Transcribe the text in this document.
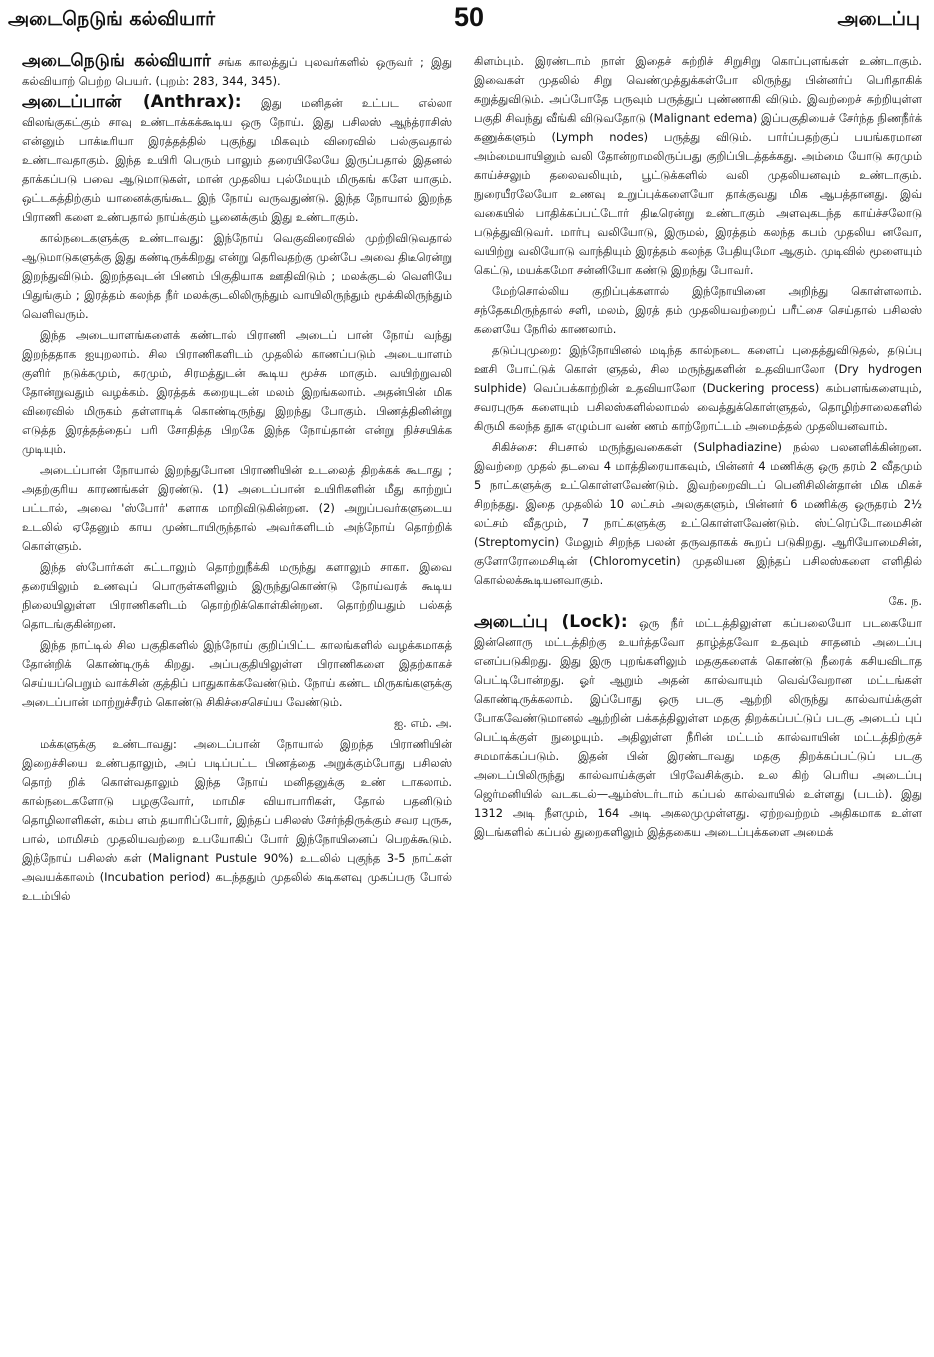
அடைநெடுங் கல்வியார்	50	அடைப்பு

அடைநெடுங் கல்வியார் சங்க காலத்துப் புலவர்களில் ஒருவர் ; இது கல்வியாற் பெற்ற பெயர். (புறம்: 283, 344, 345).

அடைப்பான் (Anthrax): இது மனிதன் உட்பட எல்லா விலங்குகட்கும் சாவு உண்டாக்கக்கூடிய ஒரு நோய். இது பசிலஸ் ஆந்த்ராசிஸ் என்னும் பாக்டீரியா இரத்தத்தில் புகுந்து மிகவும் விரைவில் பல்குவதால் உண்டாவதாகும். இந்த உயிரி பெரும் பாலும் தரையிலேயே இருப்பதால் இதனல் தாக்கப்படு பவை ஆடுமாடுகள், மான் முதலிய புல்மேயும் மிருகங் களே யாகும். ஒட்டகத்திற்கும் யானைக்குங்கூட இந் நோய் வருவதுண்டு. இந்த நோயால் இறந்த பிராணி களை உண்பதால் நாய்க்கும் பூனைக்கும் இது உண்டாகும்.

கால்நடைகளுக்கு உண்டாவது: இந்நோய் வெகுவிரைவில் முற்றிவிடுவதால் ஆடுமாடுகளுக்கு இது கண்டிருக்கிறது என்று தெரிவதற்கு முன்பே அவை திடீரென்று இறந்துவிடும். இறந்தவுடன் பிணம் பிகுதியாக ஊதிவிடும் ; மலக்குடல் வெளியே பிதுங்கும் ; இரத்தம் கலந்த நீர் மலக்குடலிலிருந்தும் வாயிலிருந்தும் மூக்கிலிருந்தும் வெளிவரும்.

இந்த அடையாளங்களைக் கண்டால் பிராணி அடைப் பான் நோய் வந்து இறந்ததாக ஐயுறலாம். சில பிராணிகளிடம் முதலில் காணப்படும் அடையாளம் குளிர் நடுக்கமும், சுரமும், சிரமத்துடன் கூடிய மூச்சு மாகும். வயிற்றுவலி தோன்றுவதும் வழக்கம். இரத்தக் கறையுடன் மலம் இறங்கலாம். அதன்பின் மிக விரைவில் மிருகம் தள்ளாடிக் கொண்டிருந்து இறந்து போகும். பிணத்தினின்று எடுத்த இரத்தத்தைப் பரி சோதித்த பிறகே இந்த நோய்தான் என்று நிச்சயிக்க முடியும்.

அடைப்பான் நோயால் இறந்துபோன பிராணியின் உடலைத் திறக்கக் கூடாது ; அதற்குரிய காரணங்கள் இரண்டு. (1) அடைப்பான் உயிரிகளின் மீது காற்றுப் பட்டால், அவை 'ஸ்போர்' களாக மாறிவிடுகின்றன. (2) அறுப்பவர்களுடைய உடலில் ஏதேனும் காய முண்டாயிருந்தால் அவர்களிடம் அந்நோய் தொற்றிக் கொள்ளும்.

இந்த ஸ்போர்கள் சுட்டாலும் தொற்றுநீக்கி மருந்து களாலும் சாகா. இவை தரையிலும் உணவுப் பொருள்களிலும் இருந்துகொண்டு நோய்வரக் கூடிய நிலையிலுள்ள பிராணிகளிடம் தொற்றிக்கொள்கின்றன. தொற்றியதும் பல்கத் தொடங்குகின்றன.

இந்த நாட்டில் சில பகுதிகளில் இந்நோய் குறிப்பிட்ட காலங்களில் வழக்கமாகத் தோன்றிக் கொண்டிருக் கிறது. அப்பகுதியிலுள்ள பிராணிகளை இதற்காகச் செய்யப்பெறும் வாக்சின் குத்திப் பாதுகாக்கவேண்டும். நோய் கண்ட மிருகங்களுக்கு அடைப்பான் மாற்றுச்சீரம் கொண்டு சிகிச்சைசெய்ய வேண்டும்.

ஐ. எம். அ.

மக்களுக்கு உண்டாவது: அடைப்பான் நோயால் இறந்த பிராணியின் இறைச்சியை உண்பதாலும், அப் படிப்பட்ட பிணத்தை அறுக்கும்போது பசிலஸ் தொற் றிக் கொள்வதாலும் இந்த நோய் மனிதனுக்கு உண் டாகலாம். கால்நடைகளோடு பழகுவோர், மாமிச வியாபாரிகள், தோல் பதனிடும் தொழிலாளிகள், கம்ப ளம் தயாரிப்போர், இந்தப் பசிலஸ் சேர்ந்திருக்கும் சவர புருசு, பால், மாமிசம் முதலியவற்றை உபயோகிப் போர் இந்நோயினைப் பெறக்கூடும். இந்நோய் பசிலஸ் கள் (Malignant Pustule 90%) உடலில் புகுந்த 3-5 நாட்கள் அவயக்காலம் (Incubation period) கடந்ததும் முதலில் கடிகளவு முகப்பரு போல் உடம்பில்

கிளம்பும். இரண்டாம் நாள் இதைச் சுற்றிச் சிறுசிறு கொப்புளங்கள் உண்டாகும். இவைகள் முதலில் சிறு வெண்முத்துக்கள்போ லிருந்து பின்னர்ப் பெரிதாகிக் கறுத்துவிடும். அப்போதே பருவும் பருத்துப் புண்ணாகி விடும். இவற்றைச் சுற்றியுள்ள பகுதி சிவந்து வீங்கி விடுவதோடு (Malignant edema) இப்பகுதியைச் சேர்ந்த நிணநீர்க் கணுக்களும் (Lymph nodes) பருத்து விடும். பார்ப்பதற்குப் பயங்கரமான அம்மையாயினும் வலி தோன்றாமலிருப்பது குறிப்பிடத்தக்கது. அம்மை யோடு சுரமும் காய்ச்சலும் தலைவலியும், பூட்டுக்களில் வலி முதலியனவும் உண்டாகும். நுரையீரலேயோ உணவு உறுப்புக்களையோ தாக்குவது மிக ஆபத்தானது. இவ் வகையில் பாதிக்கப்பட்டோர் திடீரென்று உண்டாகும் அளவுகடந்த காய்ச்சலோடு படுத்துவிடுவர். மார்பு வலியோடு, இருமல், இரத்தம் கலந்த கபம் முதலிய னவோ, வயிற்று வலியோடு வாந்தியும் இரத்தம் கலந்த பேதியுமோ ஆகும். முடிவில் மூளையும் கெட்டு, மயக்கமோ சன்னியோ கண்டு இறந்து போவர்.

மேற்சொல்லிய குறிப்புக்களால் இந்நோயினை அறிந்து கொள்ளலாம். சந்தேகமிருந்தால் சளி, மலம், இரத் தம் முதலியவற்றைப் பரீட்சை செய்தால் பசிலஸ் களையே நேரில் காணலாம்.

தடுப்புமுறை: இந்நோயினல் மடிந்த கால்நடை களைப் புதைத்துவிடுதல், தடுப்பு ஊசி போட்டுக் கொள் ளுதல், சில மருந்துகளின் உதவியாலோ (Dry hydrogen sulphide) வெப்பக்காற்றின் உதவியாலோ (Duckering process) கம்பளங்களையும், சவரபுருசு களையும் பசிலஸ்களில்லாமல் வைத்துக்கொள்ளுதல், தொழிற்சாலைகளில் கிருமி கலந்த தூசு எழும்பா வண் ணம் காற்றோட்டம் அமைத்தல் முதலியனவாம்.

சிகிச்சை: சிபசால் மருந்துவகைகள் (Sulphadiazine) நல்ல பலனளிக்கின்றன. இவற்றை முதல் தடவை 4 மாத்திரையாகவும், பின்னர் 4 மணிக்கு ஒரு தரம் 2 வீதமும் 5 நாட்களுக்கு உட்கொள்ளவேண்டும். இவற்றைவிடப் பெனிசிலின்தான் மிக மிகச் சிறந்தது. இதை முதலில் 10 லட்சம் அலகுகளும், பின்னர் 6 மணிக்கு ஒருதரம் 2½ லட்சம் வீதமும், 7 நாட்களுக்கு உட்கொள்ளவேண்டும். ஸ்ட்ரெப்டோமைசின் (Streptomycin) மேலும் சிறந்த பலன் தருவதாகக் கூறப் படுகிறது. ஆரியோமைசின், குளோரோமைசிடின் (Chloromycetin) முதலியன இந்தப் பசிலஸ்களை எளிதில் கொல்லக்கூடியனவாகும்.

கே. ந.

அடைப்பு (Lock): ஒரு நீர் மட்டத்திலுள்ள கப்பலையோ படகையோ இன்னொரு மட்டத்திற்கு உயர்த்தவோ தாழ்த்தவோ உதவும் சாதனம் அடைப்பு எனப்படுகிறது. இது இரு புறங்களிலும் மதகுகளைக் கொண்டு நீரைக் கசியவிடாத பெட்டிபோன்றது. ஓர் ஆறும் அதன் கால்வாயும் வெவ்வேறான மட்டங்கள் கொண்டிருக்கலாம். இப்போது ஒரு படகு ஆற்றி லிருந்து கால்வாய்க்குள் போகவேண்டுமானல் ஆற்றின் பக்கத்திலுள்ள மதகு திறக்கப்பட்டுப் படகு அடைப் புப் பெட்டிக்குள் நுழையும். அதிலுள்ள நீரின் மட்டம் கால்வாயின் மட்டத்திற்குச் சமமாக்கப்படும். இதன் பின் இரண்டாவது மதகு திறக்கப்பட்டுப் படகு அடைப்பிலிருந்து கால்வாய்க்குள் பிரவேசிக்கும். உல கிற் பெரிய அடைப்பு ஜெர்மனியில் வடகடல்—ஆம்ஸ்டர்டாம் கப்பல் கால்வாயில் உள்ளது (படம்). இது 1312 அடி நீளமும், 164 அடி அகலமுமுள்ளது. ஏற்றவற்றம் அதிகமாக உள்ள இடங்களில் கப்பல் துறைகளிலும் இத்தகைய அடைப்புக்களை அமைக்
